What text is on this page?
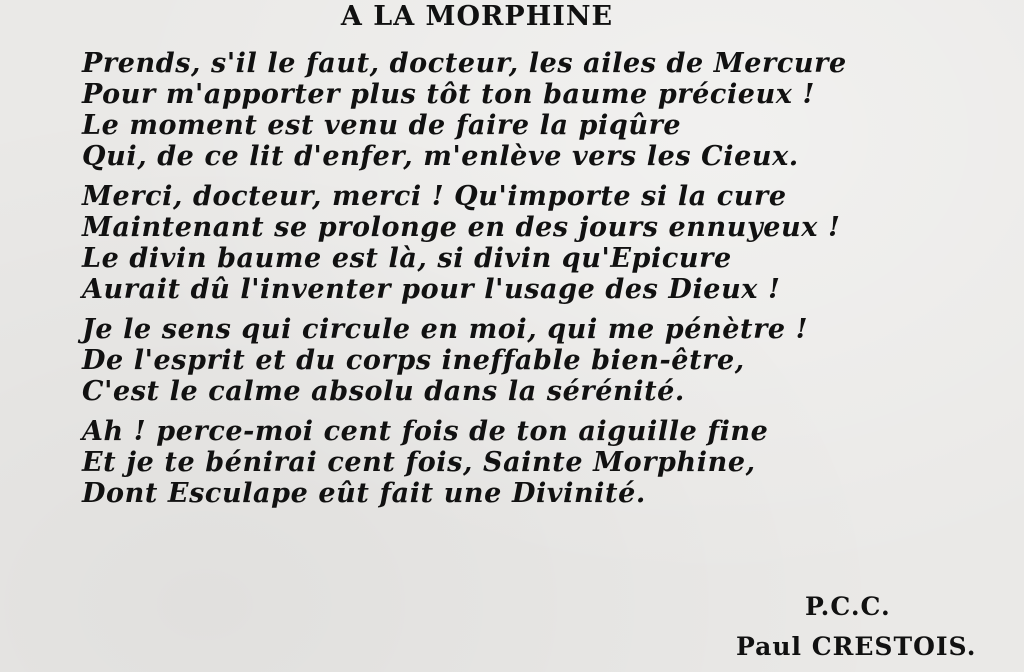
A LA MORPHINE
Prends, s'il le faut, docteur, les ailes de Mercure
Pour m'apporter plus tôt ton baume précieux !
Le moment est venu de faire la piqûre
Qui, de ce lit d'enfer, m'enlève vers les Cieux.
Merci, docteur, merci ! Qu'importe si la cure
Maintenant se prolonge en des jours ennuyeux !
Le divin baume est là, si divin qu'Epicure
Aurait dû l'inventer pour l'usage des Dieux !
Je le sens qui circule en moi, qui me pénètre !
De l'esprit et du corps ineffable bien-être,
C'est le calme absolu dans la sérénité.
Ah ! perce-moi cent fois de ton aiguille fine
Et je te bénirai cent fois, Sainte Morphine,
Dont Esculape eût fait une Divinité.
P.C.C.
Paul CRESTOIS.
